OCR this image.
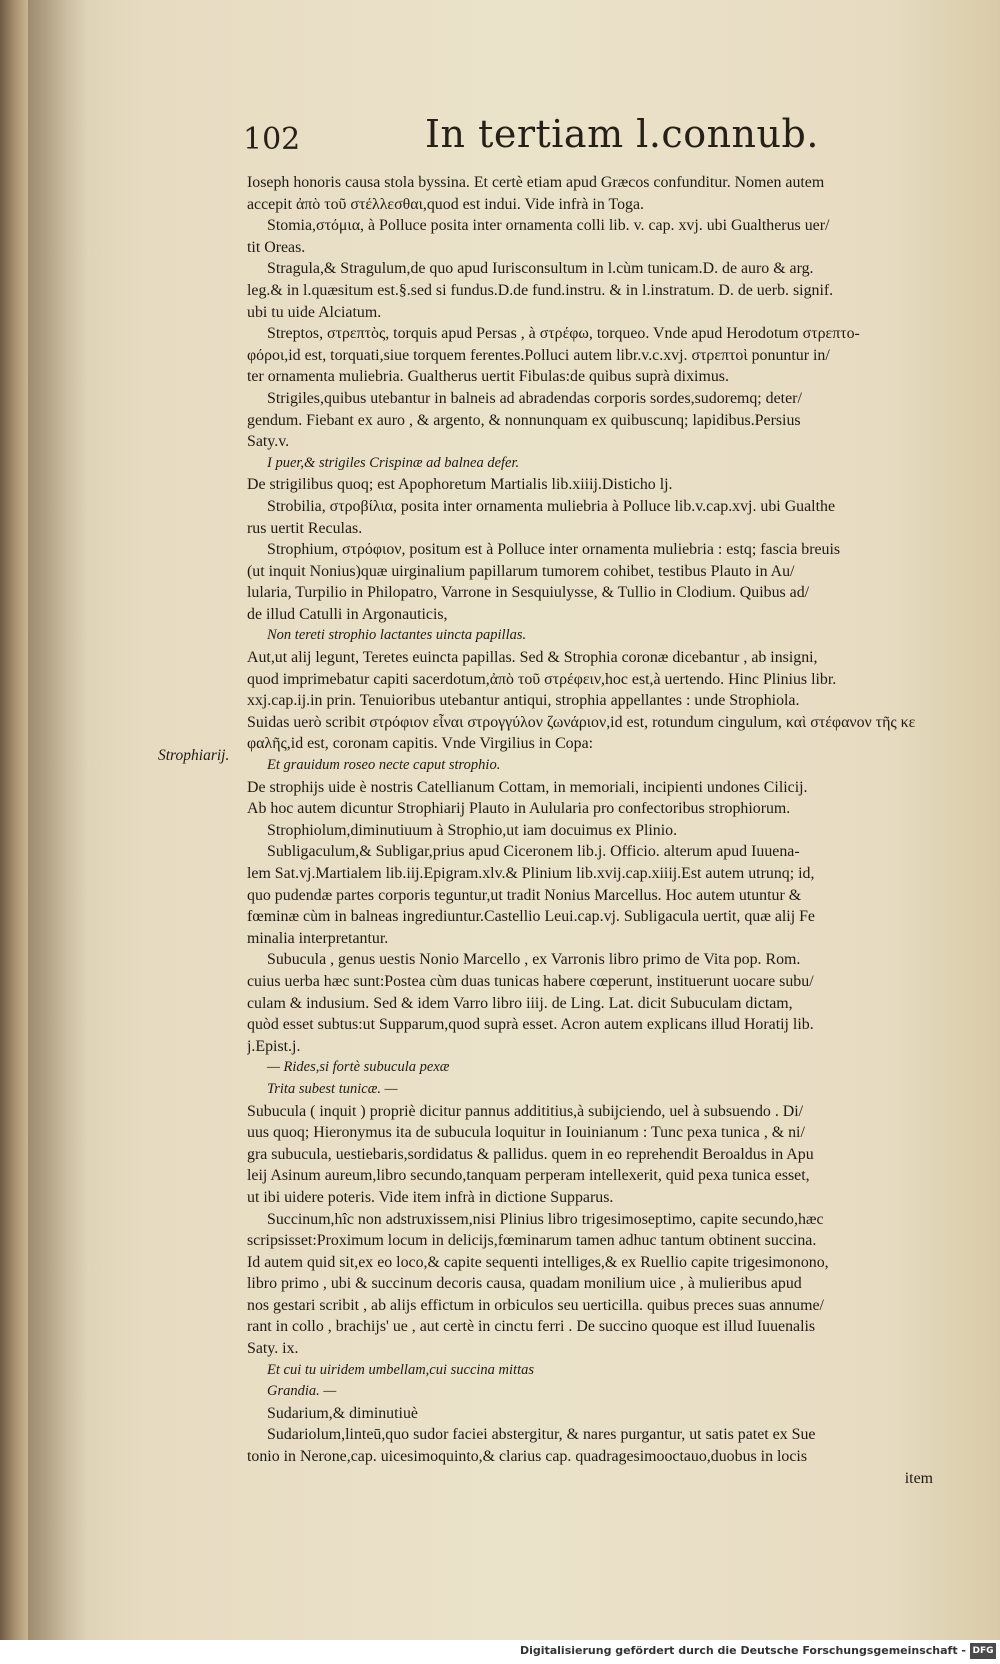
102	In tertiam l.connub.
Strophiarij.
Ioseph honoris causa stola byssina. Et certè etiam apud Græcos confunditur. Nomen autem
accepit ἀπὸ τοῦ στέλλεσθαι,quod est indui. Vide infrà in Toga.
Stomia,στόμια, à Polluce posita inter ornamenta colli lib. v. cap. xvj. ubi Gualtherus uer/
tit Oreas.
Stragula,& Stragulum,de quo apud Iurisconsultum in l.cùm tunicam.D. de auro & arg.
leg.& in l.quæsitum est.§.sed si fundus.D.de fund.instru. & in l.instratum. D. de uerb. signif.
ubi tu uide Alciatum.
Streptos, στρεπτὸς, torquis apud Persas , à στρέφω, torqueo. Vnde apud Herodotum στρεπτο-
φόροι,id est, torquati,siue torquem ferentes.Polluci autem libr.v.c.xvj. στρεπτοὶ ponuntur in/
ter ornamenta muliebria. Gualtherus uertit Fibulas:de quibus suprà diximus.
Strigiles,quibus utebantur in balneis ad abradendas corporis sordes,sudoremq; deter/
gendum. Fiebant ex auro , & argento, & nonnunquam ex quibuscunq; lapidibus.Persius
Saty.v.
I puer,& strigiles Crispinæ ad balnea defer.
De strigilibus quoq; est Apophoretum Martialis lib.xiiij.Disticho lj.
Strobilia, στροβίλια, posita inter ornamenta muliebria à Polluce lib.v.cap.xvj. ubi Gualthe
rus uertit Reculas.
Strophium, στρόφιον, positum est à Polluce inter ornamenta muliebria : estq; fascia breuis
(ut inquit Nonius)quæ uirginalium papillarum tumorem cohibet, testibus Plauto in Au/
lularia, Turpilio in Philopatro, Varrone in Sesquiulysse, & Tullio in Clodium. Quibus ad/
de illud Catulli in Argonauticis,
Non tereti strophio lactantes uincta papillas.
Aut,ut alij legunt, Teretes euincta papillas. Sed & Strophia coronæ dicebantur , ab insigni,
quod imprimebatur capiti sacerdotum,ἀπὸ τοῦ στρέφειν,hoc est,à uertendo. Hinc Plinius libr.
xxj.cap.ij.in prin. Tenuioribus utebantur antiqui, strophia appellantes : unde Strophiola.
Suidas uerò scribit στρόφιον εἶναι στρογγύλον ζωνάριον,id est, rotundum cingulum, καὶ στέφανον τῆς κε
φαλῆς,id est, coronam capitis. Vnde Virgilius in Copa:
Et grauidum roseo necte caput strophio.
De strophijs uide è nostris Catellianum Cottam, in memoriali, incipienti undones Cilicij.
Ab hoc autem dicuntur Strophiarij Plauto in Aulularia pro confectoribus strophiorum.
Strophiolum,diminutiuum à Strophio,ut iam docuimus ex Plinio.
Subligaculum,& Subligar,prius apud Ciceronem lib.j. Officio. alterum apud Iuuena-
lem Sat.vj.Martialem lib.iij.Epigram.xlv.& Plinium lib.xvij.cap.xiiij.Est autem utrunq; id,
quo pudendæ partes corporis teguntur,ut tradit Nonius Marcellus. Hoc autem utuntur &
fœminæ cùm in balneas ingrediuntur.Castellio Leui.cap.vj. Subligacula uertit, quæ alij Fe
minalia interpretantur.
Subucula , genus uestis Nonio Marcello , ex Varronis libro primo de Vita pop. Rom.
cuius uerba hæc sunt:Postea cùm duas tunicas habere cœperunt, instituerunt uocare subu/
culam & indusium. Sed & idem Varro libro iiij. de Ling. Lat. dicit Subuculam dictam,
quòd esset subtus:ut Supparum,quod suprà esset. Acron autem explicans illud Horatij lib.
j.Epist.j.
— Rides,si fortè subucula pexæ
Trita subest tunicæ. —
Subucula ( inquit ) propriè dicitur pannus addititius,à subijciendo, uel à subsuendo . Di/
uus quoq; Hieronymus ita de subucula loquitur in Iouinianum : Tunc pexa tunica , & ni/
gra subucula, uestiebaris,sordidatus & pallidus. quem in eo reprehendit Beroaldus in Apu
leij Asinum aureum,libro secundo,tanquam perperam intellexerit, quid pexa tunica esset,
ut ibi uidere poteris. Vide item infrà in dictione Supparus.
Succinum,hîc non adstruxissem,nisi Plinius libro trigesimoseptimo, capite secundo,hæc
scripsisset:Proximum locum in delicijs,fœminarum tamen adhuc tantum obtinent succina.
Id autem quid sit,ex eo loco,& capite sequenti intelliges,& ex Ruellio capite trigesimonono,
libro primo , ubi & succinum decoris causa, quadam monilium uice , à mulieribus apud
nos gestari scribit , ab alijs effictum in orbiculos seu uerticilla. quibus preces suas annume/
rant in collo , brachijs' ue , aut certè in cinctu ferri . De succino quoque est illud Iuuenalis
Saty. ix.
Et cui tu uiridem umbellam,cui succina mittas
Grandia. —
Sudarium,& diminutiuè
Sudariolum,linteū,quo sudor faciei abstergitur, & nares purgantur, ut satis patet ex Sue
tonio in Nerone,cap. uicesimoquinto,& clarius cap. quadragesimooctauo,duobus in locis
item
Digitalisierung gefördert durch die Deutsche Forschungsgemeinschaft - DFG
